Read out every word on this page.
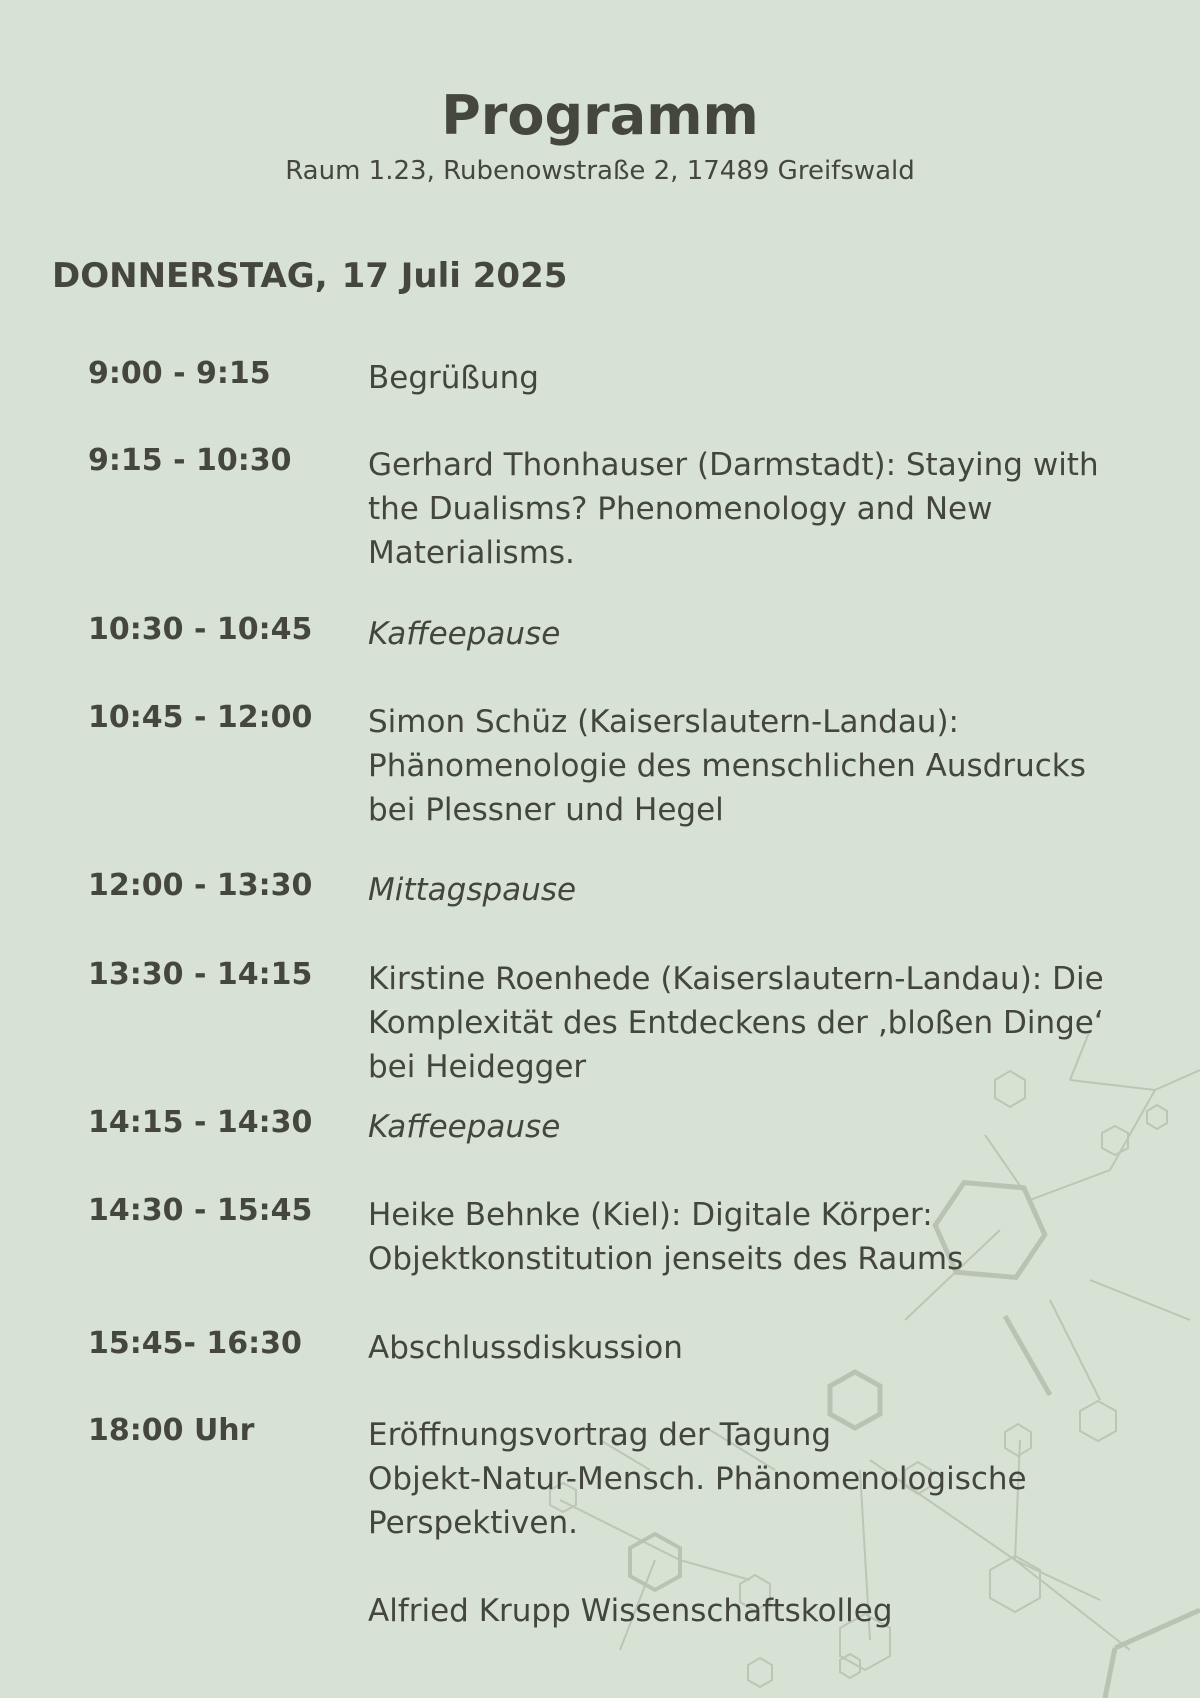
Programm
Raum 1.23, Rubenowstraße 2, 17489 Greifswald
DONNERSTAG, 17 Juli 2025
9:00 - 9:15	Begrüßung
9:15 - 10:30 Gerhard Thonhauser (Darmstadt): Staying with
the Dualisms? Phenomenology and New
Materialisms.
10:30 - 10:45 Kaffeepause
10:45 - 12:00 Simon Schüz (Kaiserslautern-Landau):
Phänomenologie des menschlichen Ausdrucks
bei Plessner und Hegel
12:00 - 13:30 Mittagspause
13:30 - 14:15 Kirstine Roenhede (Kaiserslautern-Landau): Die
Komplexität des Entdeckens der ‚bloßen Dinge‘
bei Heidegger
14:15 - 14:30 Kaffeepause
14:30 - 15:45 Heike Behnke (Kiel): Digitale Körper:
Objektkonstitution jenseits des Raums
15:45- 16:30 Abschlussdiskussion
18:00 Uhr	Eröffnungsvortrag der Tagung
Objekt-Natur-Mensch. Phänomenologische
Perspektiven.

Alfried Krupp Wissenschaftskolleg
